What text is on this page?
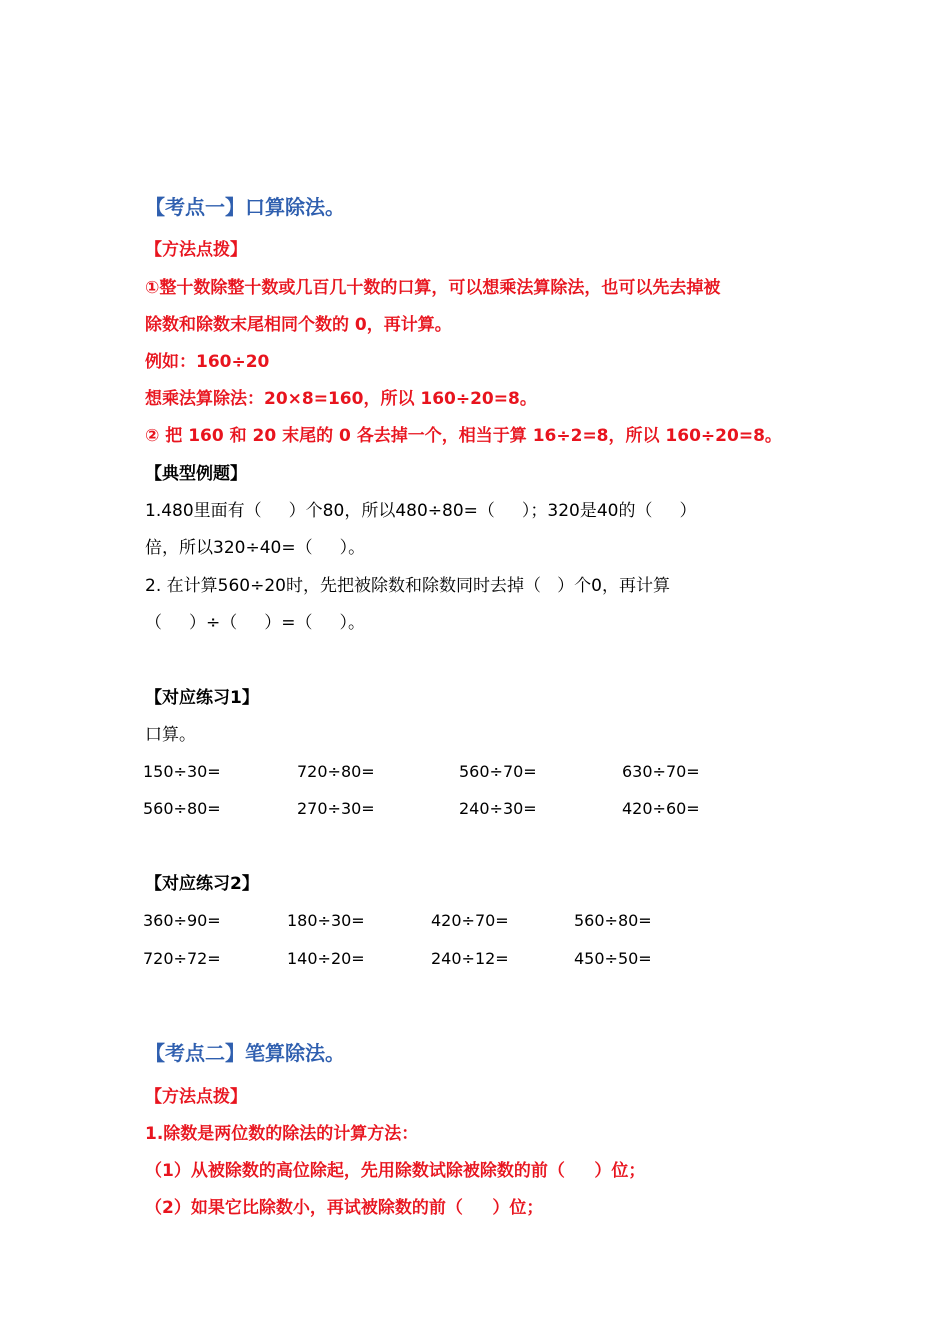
【考点一】口算除法。
【方法点拨】
①整十数除整十数或几百几十数的口算，可以想乘法算除法，也可以先去掉被
除数和除数末尾相同个数的 0，再计算。
例如：160÷20
想乘法算除法：20×8=160，所以 160÷20=8。
② 把 160 和 20 末尾的 0 各去掉一个，相当于算 16÷2=8，所以 160÷20=8。
【典型例题】
1.480里面有（     ）个80，所以480÷80=（     ）；320是40的（     ）
倍，所以320÷40=（     ）。
2. 在计算560÷20时，先把被除数和除数同时去掉（   ）个0，再计算
（     ）÷（     ）=（     ）。
【对应练习1】
口算。
150÷30=	720÷80=	560÷70=	630÷70=
560÷80=	270÷30=	240÷30=	420÷60=
【对应练习2】
360÷90=	180÷30=	420÷70=	560÷80=
720÷72=	140÷20=	240÷12=	450÷50=
【考点二】笔算除法。
【方法点拨】
1.除数是两位数的除法的计算方法：
（1）从被除数的高位除起，先用除数试除被除数的前（     ）位；
（2）如果它比除数小，再试被除数的前（     ）位；
